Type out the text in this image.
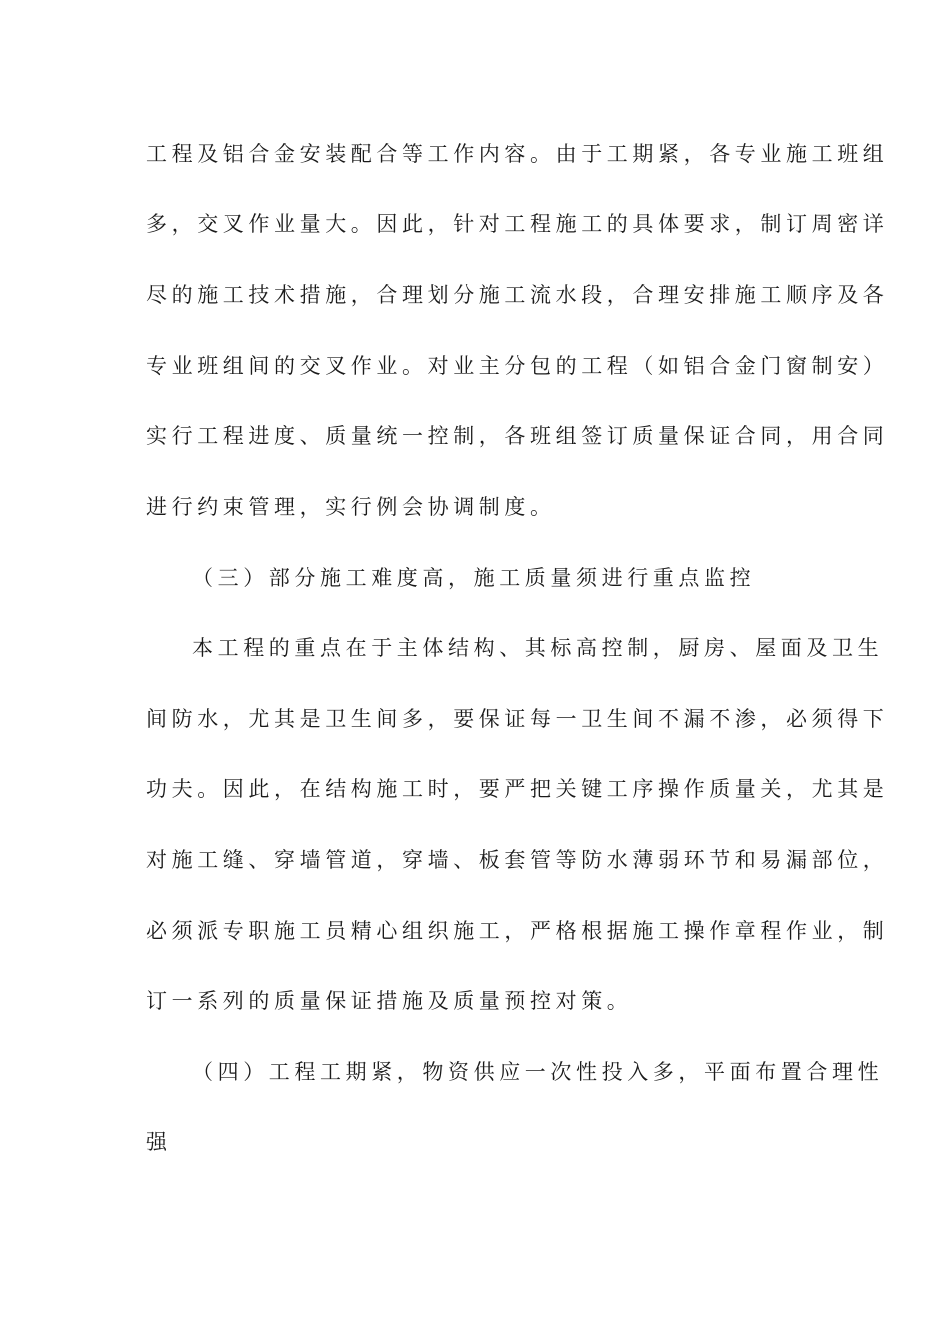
工程及铝合金安装配合等工作内容。由于工期紧，各专业施工班组
多，交叉作业量大。因此，针对工程施工的具体要求，制订周密详
尽的施工技术措施，合理划分施工流水段，合理安排施工顺序及各
专业班组间的交叉作业。对业主分包的工程（如铝合金门窗制安）
实行工程进度、质量统一控制，各班组签订质量保证合同，用合同
进行约束管理，实行例会协调制度。
（三）部分施工难度高，施工质量须进行重点监控
本工程的重点在于主体结构、其标高控制，厨房、屋面及卫生
间防水，尤其是卫生间多，要保证每一卫生间不漏不渗，必须得下
功夫。因此，在结构施工时，要严把关键工序操作质量关，尤其是
对施工缝、穿墙管道，穿墙、板套管等防水薄弱环节和易漏部位，
必须派专职施工员精心组织施工，严格根据施工操作章程作业，制
订一系列的质量保证措施及质量预控对策。
（四）工程工期紧，物资供应一次性投入多，平面布置合理性
强
